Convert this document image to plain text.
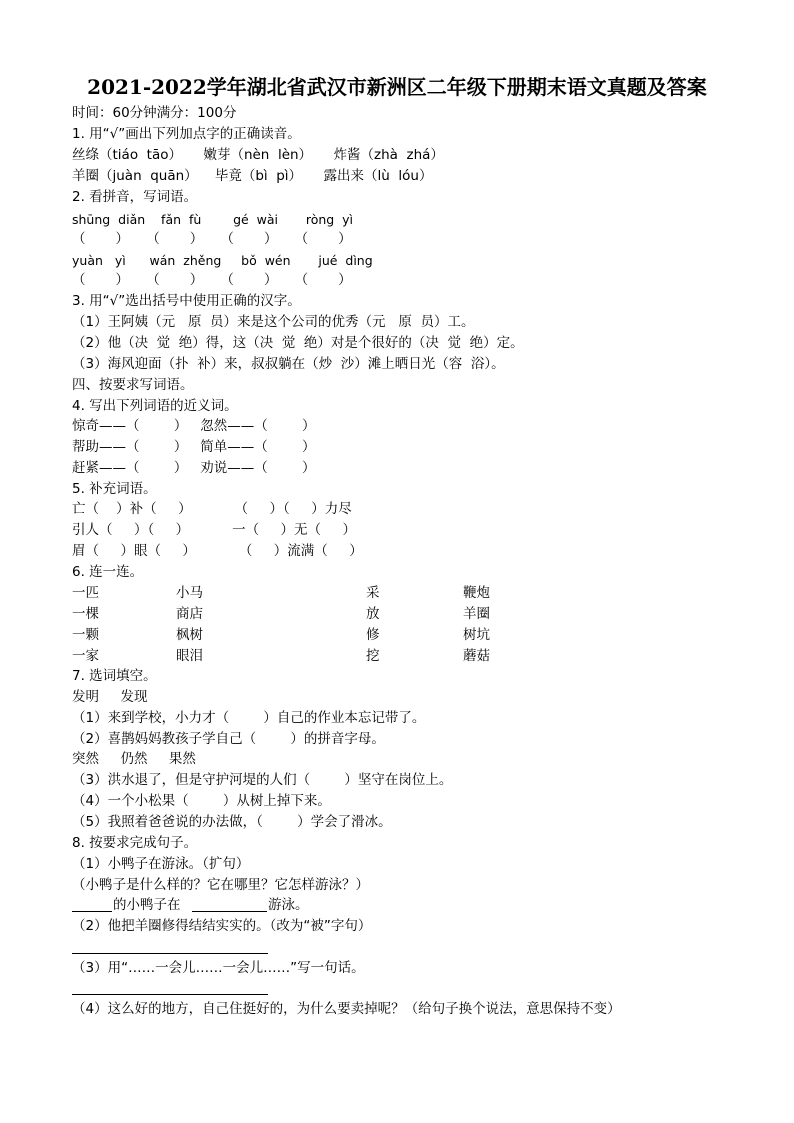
2021-2022学年湖北省武汉市新洲区二年级下册期末语文真题及答案
时间：60分钟满分：100分
1. 用“√”画出下列加点字的正确读音。
丝绦（tiáo  tāo）     嫩芽（nèn  lèn）     炸酱（zhà  zhá）
羊圈（juàn  quān）    毕竟（bì  pì）     露出来（lù  lóu）
2. 看拼音，写词语。
shūng  diǎn    fǎn  fù        gé  wài       ròng  yì
（       ）    （       ）    （       ）    （       ）
yuàn   yì      wán  zhěng     bǒ  wén       jué  dìng
（       ）    （       ）    （       ）    （       ）
3. 用“√”选出括号中使用正确的汉字。
（1）王阿姨（元   原  员）来是这个公司的优秀（元   原  员）工。
（2）他（决  觉  绝）得，这（决  觉  绝）对是个很好的（决  觉  绝）定。
（3）海风迎面（扑  补）来，叔叔躺在（炒  沙）滩上晒日光（容  浴）。
四、按要求写词语。
4. 写出下列词语的近义词。
惊奇——（        ）   忽然——（        ）
帮助——（        ）   简单——（        ）
赶紧——（        ）   劝说——（        ）
5. 补充词语。
亡（    ）补（     ）          （     ）（     ）力尽
引人（     ）（     ）          一（     ）无（     ）
眉（     ）眼（     ）          （     ）流满（     ）
6. 连一连。
一匹
一棵
一颗
一家
小马
商店
枫树
眼泪
采
放
修
挖
鞭炮
羊圈
树坑
蘑菇
7. 选词填空。
发明     发现
（1）来到学校，小力才（        ）自己的作业本忘记带了。
（2）喜鹊妈妈教孩子学自己（        ）的拼音字母。
突然     仍然     果然
（3）洪水退了，但是守护河堤的人们（        ）坚守在岗位上。
（4）一个小松果（        ）从树上掉下来。
（5）我照着爸爸说的办法做，（        ）学会了滑冰。
8. 按要求完成句子。
（1）小鸭子在游泳。（扩句）
（小鸭子是什么样的？它在哪里？它怎样游泳？）
的小鸭子在	游泳。
（2）他把羊圈修得结结实实的。（改为“被”字句）
（3）用“……一会儿……一会儿……”写一句话。
（4）这么好的地方，自己住挺好的，为什么要卖掉呢？（给句子换个说法，意思保持不变）
